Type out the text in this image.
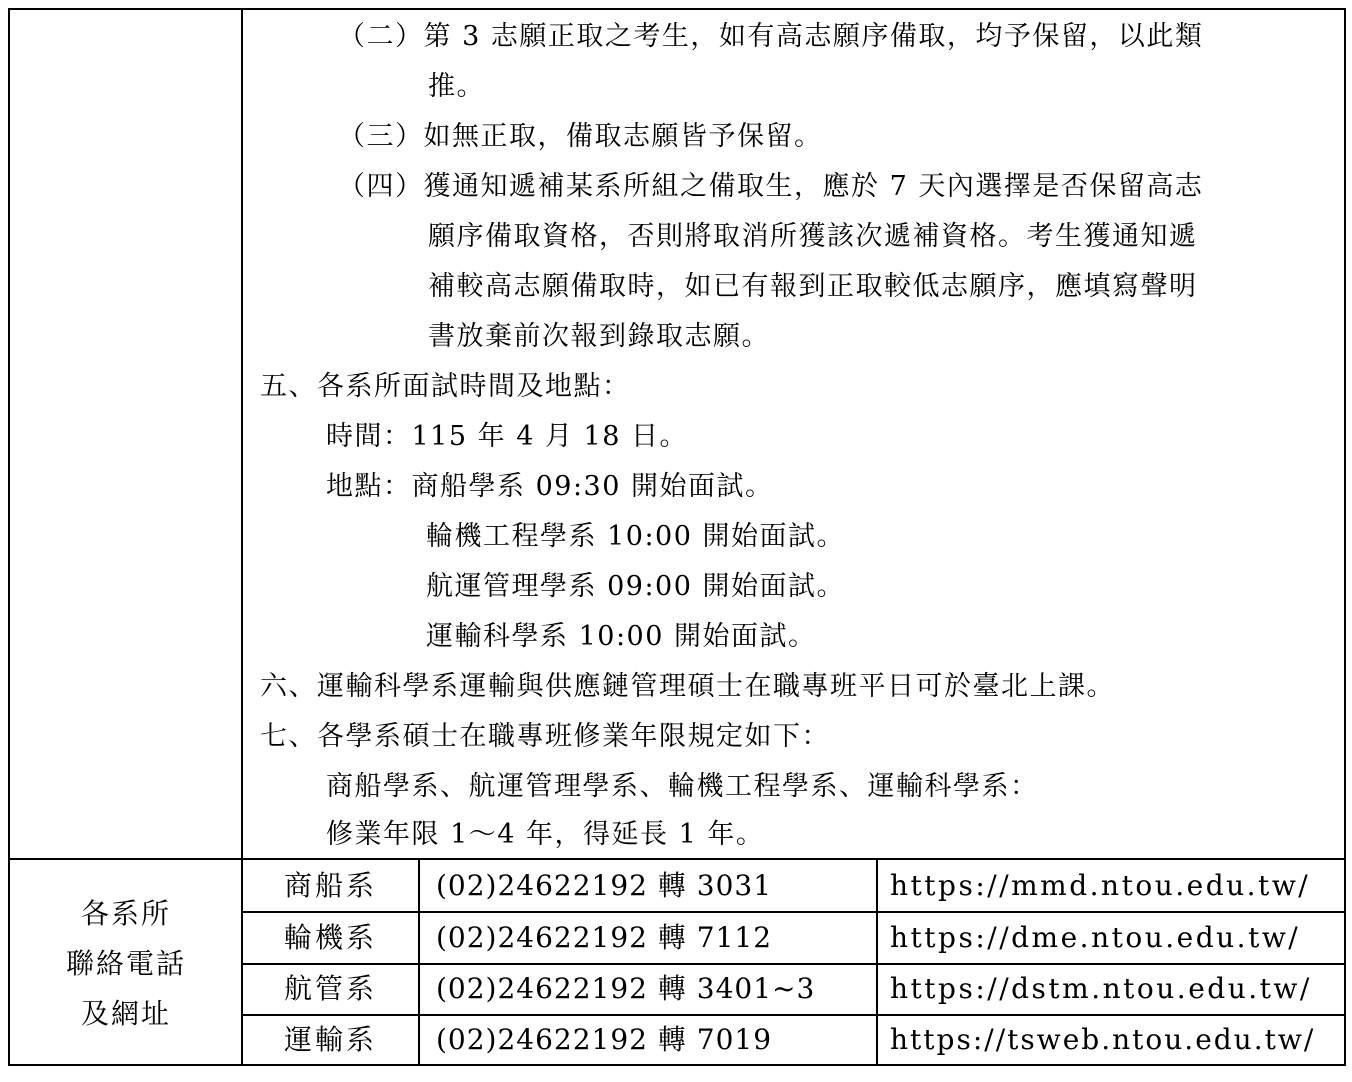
（二）第 3 志願正取之考生，如有高志願序備取，均予保留，以此類
推。
（三）如無正取，備取志願皆予保留。
（四）獲通知遞補某系所組之備取生，應於 7 天內選擇是否保留高志
願序備取資格，否則將取消所獲該次遞補資格。考生獲通知遞
補較高志願備取時，如已有報到正取較低志願序，應填寫聲明
書放棄前次報到錄取志願。
五、各系所面試時間及地點：
時間：115 年 4 月 18 日。
地點：商船學系 09:30 開始面試。
輪機工程學系 10:00 開始面試。
航運管理學系 09:00 開始面試。
運輸科學系 10:00 開始面試。
六、運輸科學系運輸與供應鏈管理碩士在職專班平日可於臺北上課。
七、各學系碩士在職專班修業年限規定如下：
商船學系、航運管理學系、輪機工程學系、運輸科學系：
修業年限 1～4 年，得延長 1 年。
各系所
聯絡電話
及網址
商船系 (02)24622192 轉 3031	https://mmd.ntou.edu.tw/
輪機系 (02)24622192 轉 7112	https://dme.ntou.edu.tw/
航管系 (02)24622192 轉 3401~3	https://dstm.ntou.edu.tw/
運輸系 (02)24622192 轉 7019	https://tsweb.ntou.edu.tw/
